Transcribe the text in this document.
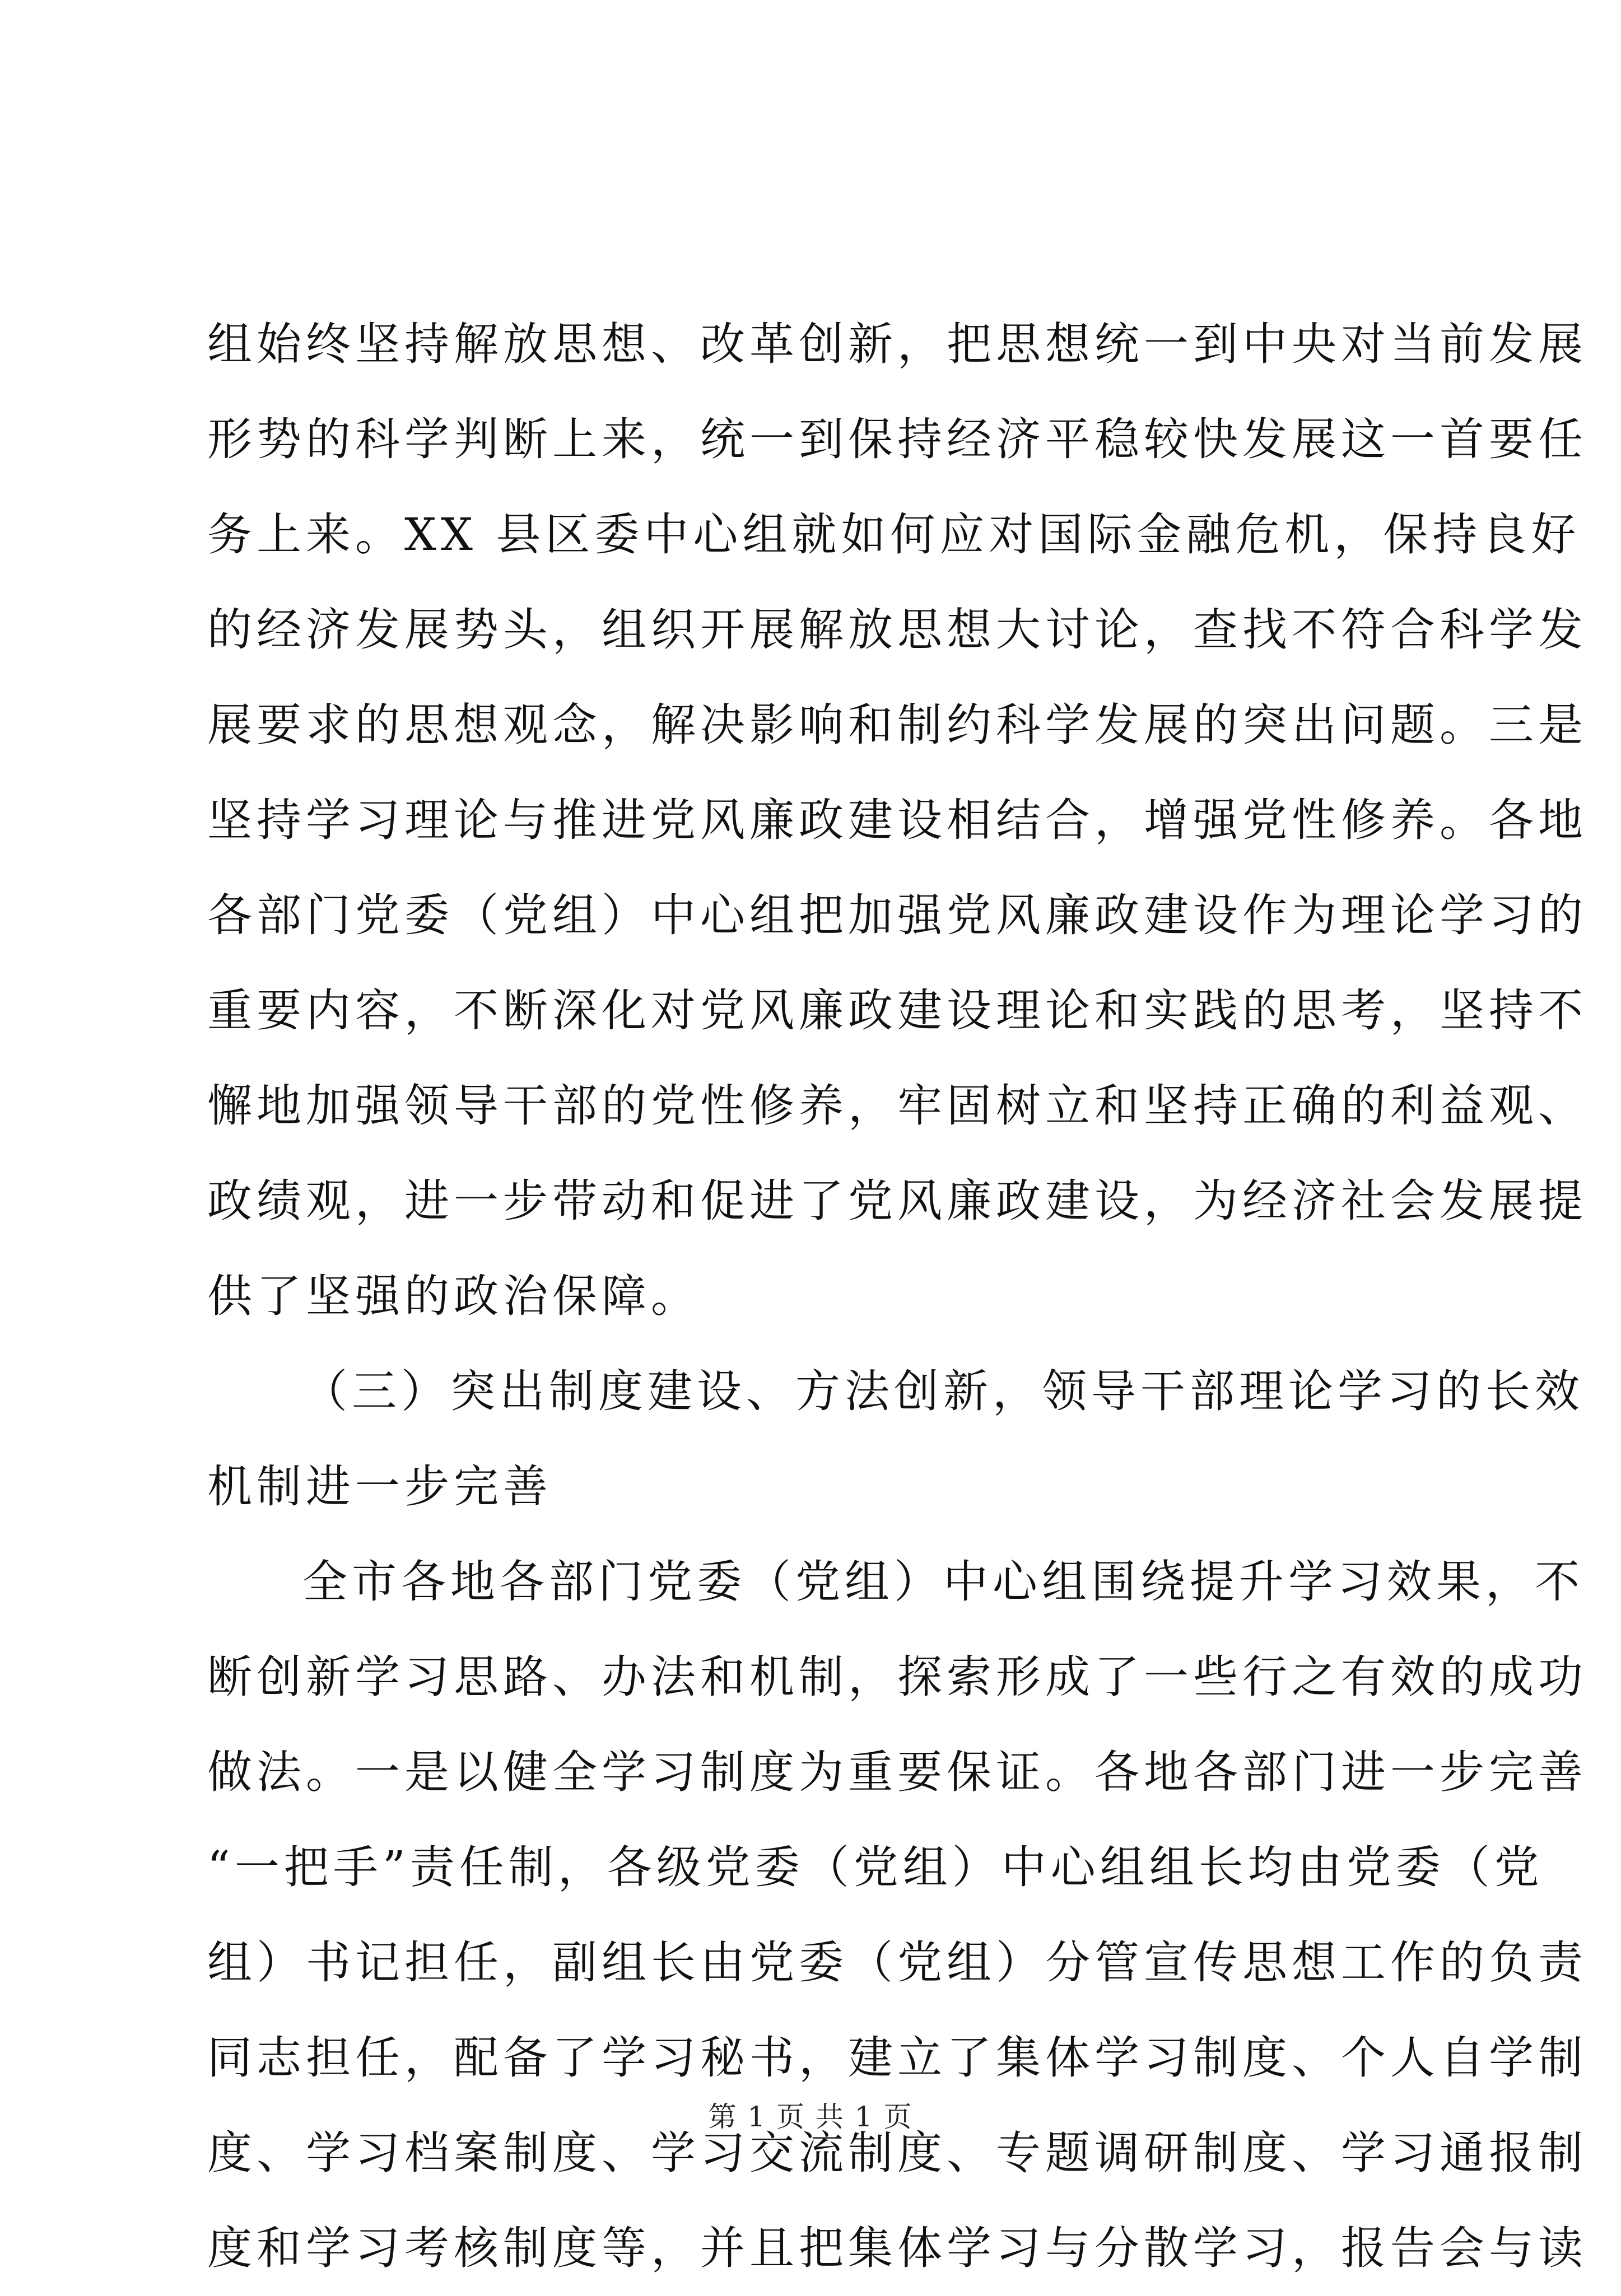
组始终坚持解放思想、改革创新，把思想统一到中央对当前发展
形势的科学判断上来，统一到保持经济平稳较快发展这一首要任
务上来。XX 县区委中心组就如何应对国际金融危机，保持良好
的经济发展势头，组织开展解放思想大讨论，查找不符合科学发
展要求的思想观念，解决影响和制约科学发展的突出问题。三是
坚持学习理论与推进党风廉政建设相结合，增强党性修养。各地
各部门党委（党组）中心组把加强党风廉政建设作为理论学习的
重要内容，不断深化对党风廉政建设理论和实践的思考，坚持不
懈地加强领导干部的党性修养，牢固树立和坚持正确的利益观、
政绩观，进一步带动和促进了党风廉政建设，为经济社会发展提
供了坚强的政治保障。
（三）突出制度建设、方法创新，领导干部理论学习的长效
机制进一步完善
全市各地各部门党委（党组）中心组围绕提升学习效果，不
断创新学习思路、办法和机制，探索形成了一些行之有效的成功
做法。一是以健全学习制度为重要保证。各地各部门进一步完善
“一把手”责任制，各级党委（党组）中心组组长均由党委（党
组）书记担任，副组长由党委（党组）分管宣传思想工作的负责
同志担任，配备了学习秘书，建立了集体学习制度、个人自学制
度、学习档案制度、学习交流制度、专题调研制度、学习通报制
度和学习考核制度等，并且把集体学习与分散学习，报告会与读
第 1 页 共 1 页
